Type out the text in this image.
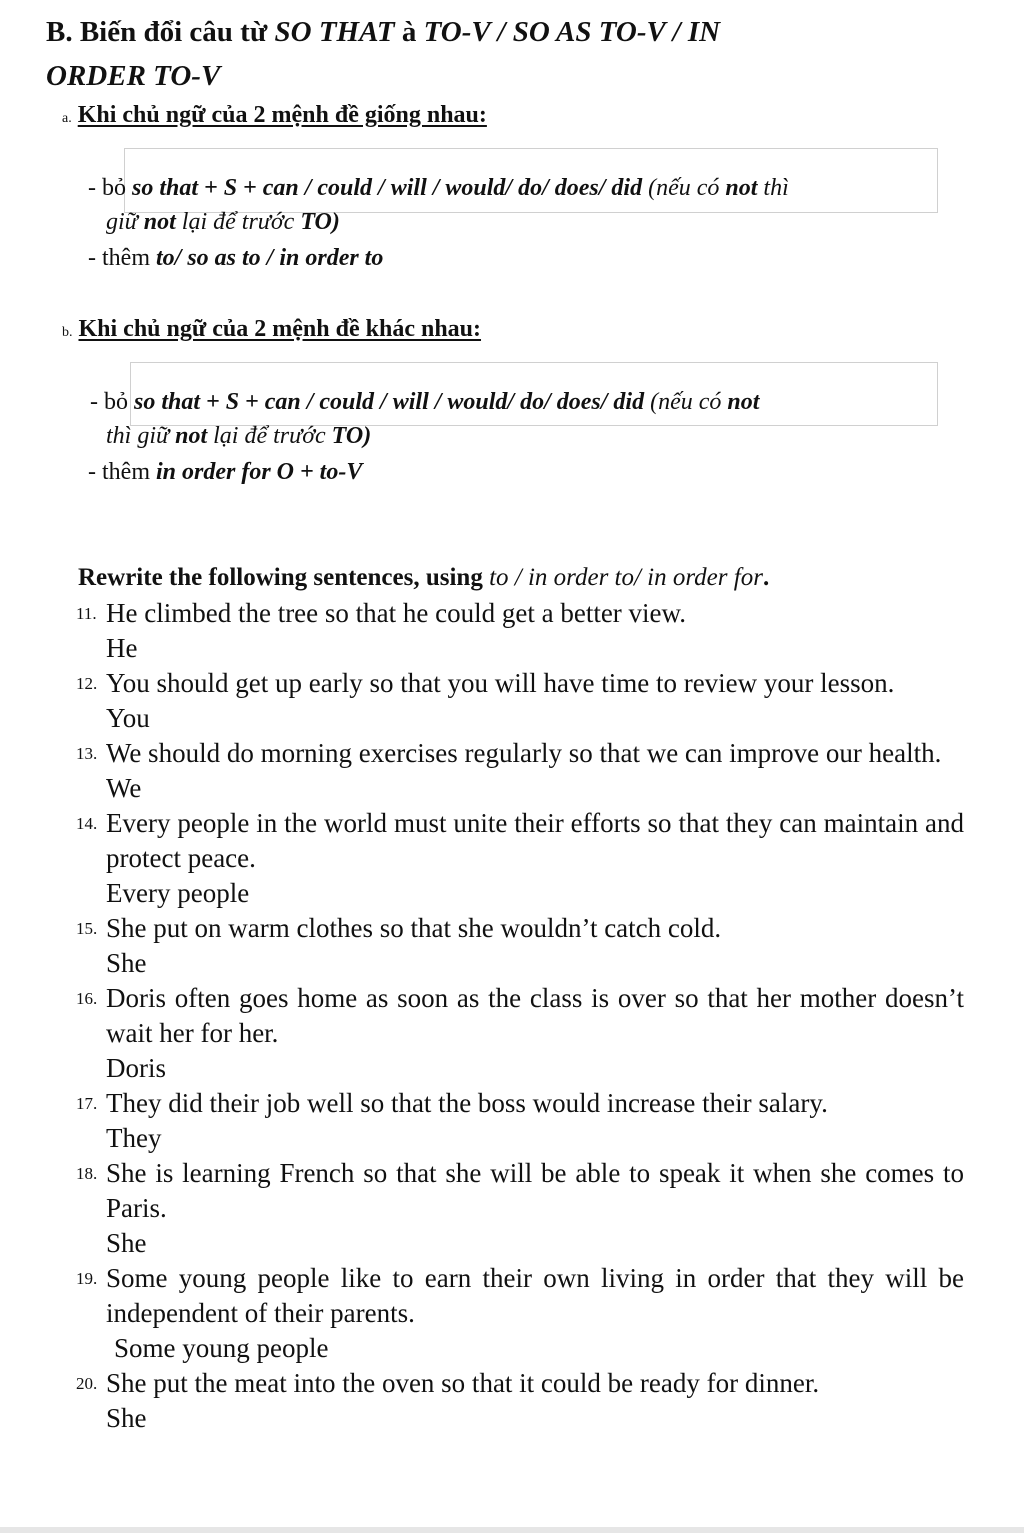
B. Biến đổi câu từ SO THAT à TO-V / SO AS TO-V / IN
ORDER TO-V
a. Khi chủ ngữ của 2 mệnh đề giống nhau:
- bỏ so that + S + can / could / will / would/ do/ does/ did (nếu có not thì
giữ not lại để trước TO)
- thêm to/ so as to / in order to
b. Khi chủ ngữ của 2 mệnh đề khác nhau:
- bỏ so that + S + can / could / will / would/ do/ does/ did (nếu có not
thì giữ not lại để trước TO)
- thêm in order for O + to-V
Rewrite the following sentences, using to / in order to/ in order for.
11. He climbed the tree so that he could get a better view.

He

12. You should get up early so that you will have time to review your lesson.

You

13. We should do morning exercises regularly so that we can improve our health.

We

14. Every people in the world must unite their efforts so that they can maintain and protect peace.

Every people

15. She put on warm clothes so that she wouldn’t catch cold.

She

16. Doris often goes home as soon as the class is over so that her mother doesn’t wait her for her.

Doris

17. They did their job well so that the boss would increase their salary.

They

18. She is learning French so that she will be able to speak it when she comes to Paris.

She

19. Some young people like to earn their own living in order that they will be independent of their parents.

Some young people

20. She put the meat into the oven so that it could be ready for dinner.

She
